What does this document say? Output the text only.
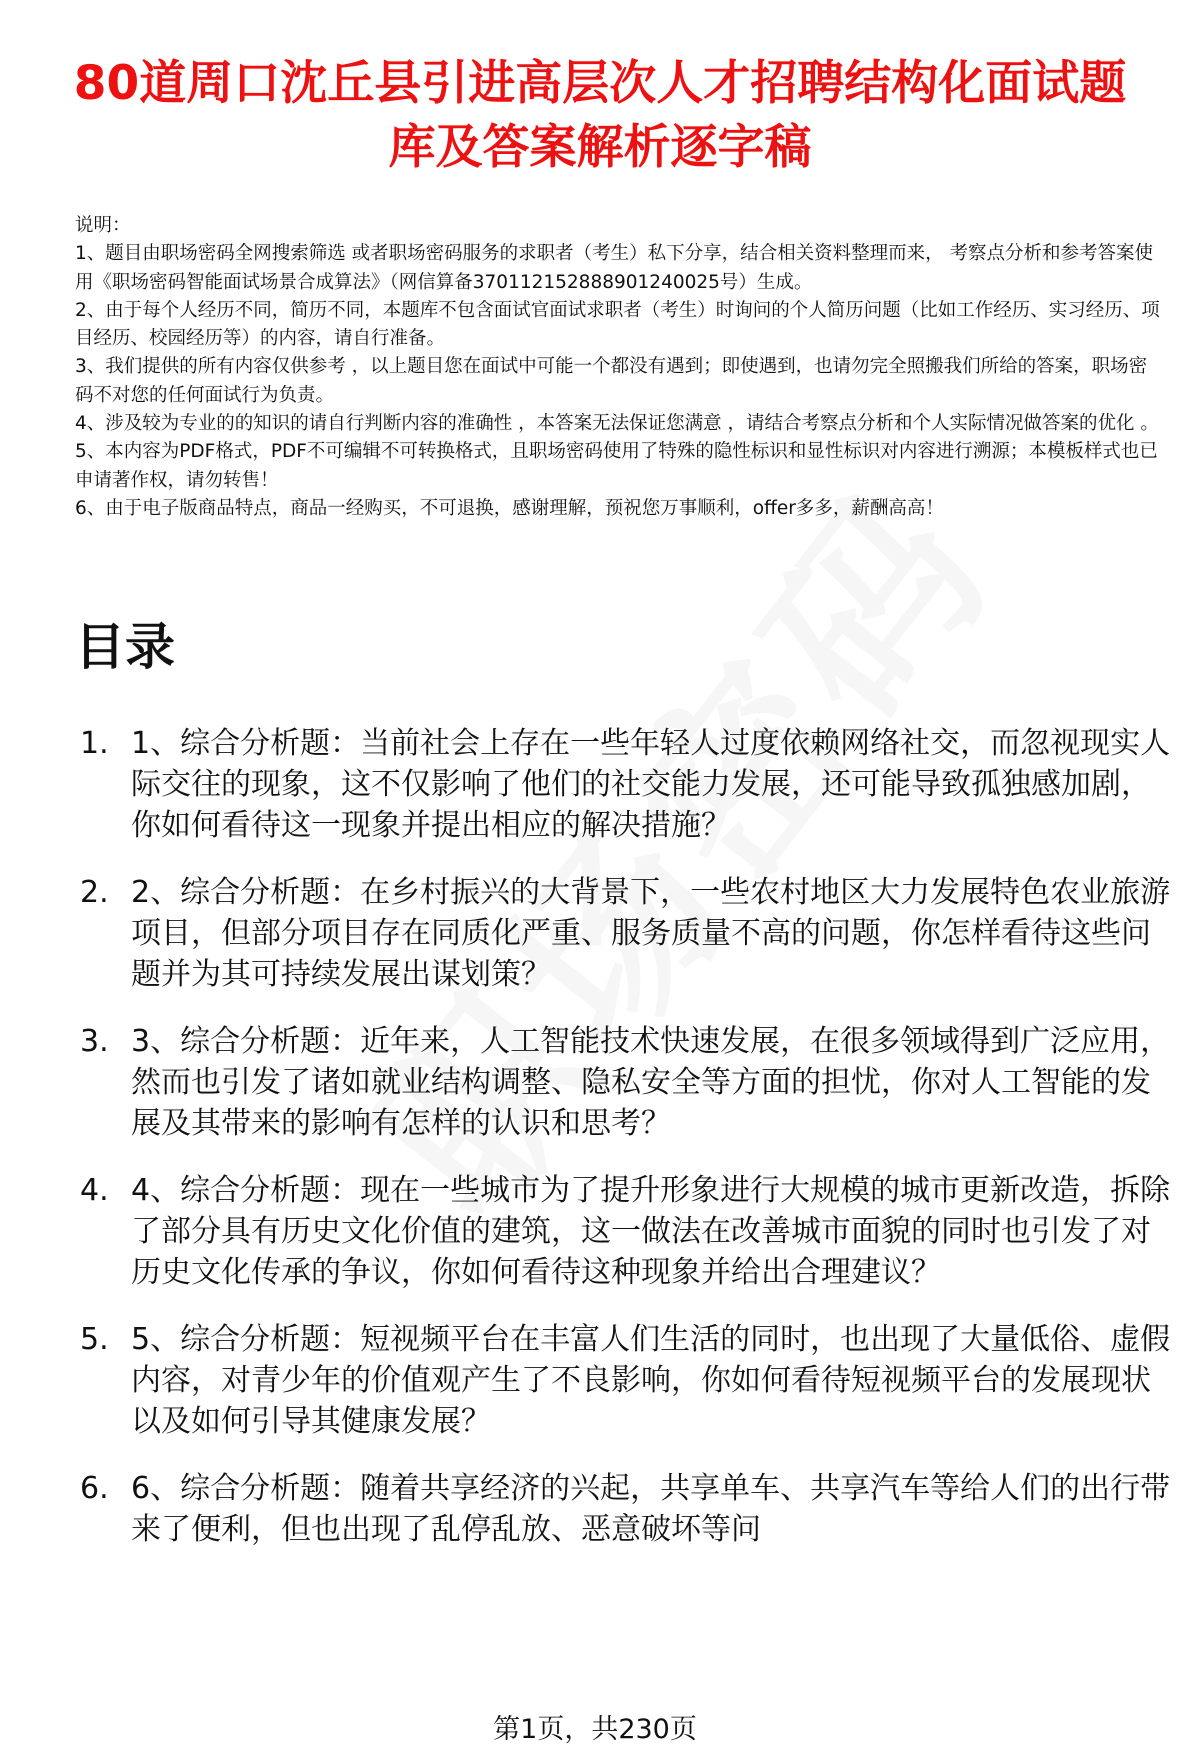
80道周口沈丘县引进高层次人才招聘结构化面试题库及答案解析逐字稿

说明：

1、题目由职场密码全网搜索筛选 或者职场密码服务的求职者（考生）私下分享，结合相关资料整理而来， 考察点分析和参考答案使用《职场密码智能面试场景合成算法》（网信算备370112152888901240025号）生成。

2、由于每个人经历不同，简历不同，本题库不包含面试官面试求职者（考生）时询问的个人简历问题（比如工作经历、实习经历、项目经历、校园经历等）的内容，请自行准备。

3、我们提供的所有内容仅供参考 ，以上题目您在面试中可能一个都没有遇到；即使遇到，也请勿完全照搬我们所给的答案，职场密码不对您的任何面试行为负责。

4、涉及较为专业的的知识的请自行判断内容的准确性 ，本答案无法保证您满意 ，请结合考察点分析和个人实际情况做答案的优化 。

5、本内容为PDF格式，PDF不可编辑不可转换格式，且职场密码使用了特殊的隐性标识和显性标识对内容进行溯源；本模板样式也已申请著作权，请勿转售！

6、由于电子版商品特点，商品一经购买，不可退换，感谢理解，预祝您万事顺利，offer多多，薪酬高高！

目录
1. 1、综合分析题：当前社会上存在一些年轻人过度依赖网络社交，而忽视现实人际交往的现象，这不仅影响了他们的社交能力发展，还可能导致孤独感加剧，你如何看待这一现象并提出相应的解决措施？
2. 2、综合分析题：在乡村振兴的大背景下，一些农村地区大力发展特色农业旅游项目，但部分项目存在同质化严重、服务质量不高的问题，你怎样看待这些问题并为其可持续发展出谋划策？
3. 3、综合分析题：近年来，人工智能技术快速发展，在很多领域得到广泛应用，然而也引发了诸如就业结构调整、隐私安全等方面的担忧，你对人工智能的发展及其带来的影响有怎样的认识和思考？
4. 4、综合分析题：现在一些城市为了提升形象进行大规模的城市更新改造，拆除了部分具有历史文化价值的建筑，这一做法在改善城市面貌的同时也引发了对历史文化传承的争议，你如何看待这种现象并给出合理建议？
5. 5、综合分析题：短视频平台在丰富人们生活的同时，也出现了大量低俗、虚假内容，对青少年的价值观产生了不良影响，你如何看待短视频平台的发展现状以及如何引导其健康发展？
6. 6、综合分析题：随着共享经济的兴起，共享单车、共享汽车等给人们的出行带来了便利，但也出现了乱停乱放、恶意破坏等问
第1页，共230页
